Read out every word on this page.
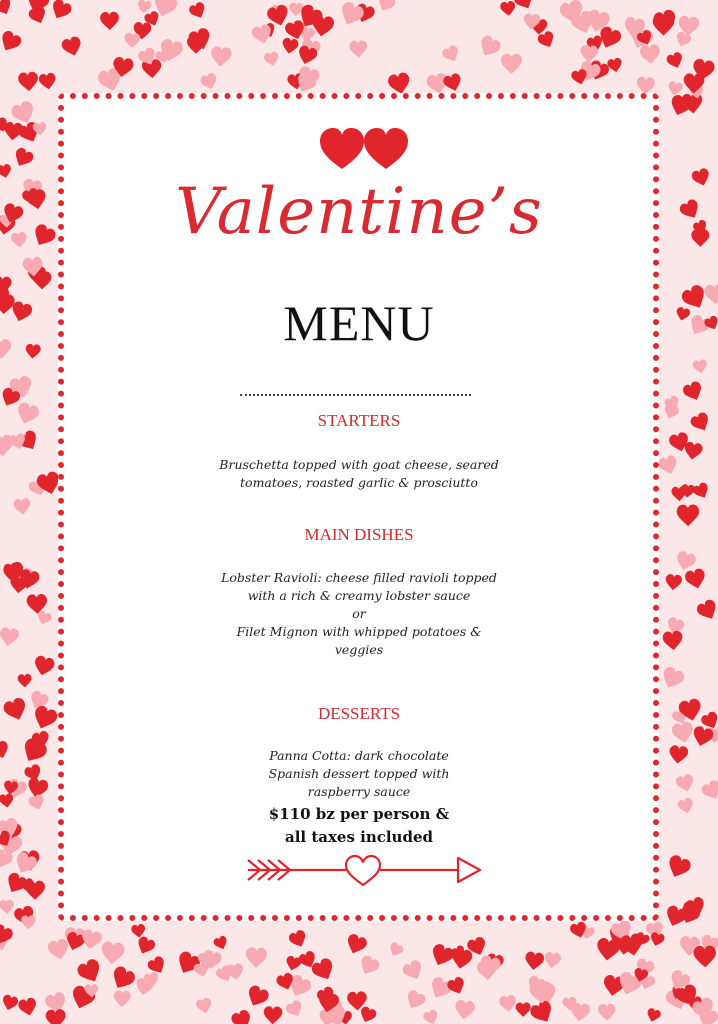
Valentine’s
MENU
STARTERS
Bruschetta topped with goat cheese, seared
tomatoes, roasted garlic & prosciutto
MAIN DISHES
Lobster Ravioli: cheese filled ravioli topped
with a rich & creamy lobster sauce
or
Filet Mignon with whipped potatoes &
veggies
DESSERTS
Panna Cotta: dark chocolate
Spanish dessert topped with
raspberry sauce
$110 bz per person &
all taxes included
